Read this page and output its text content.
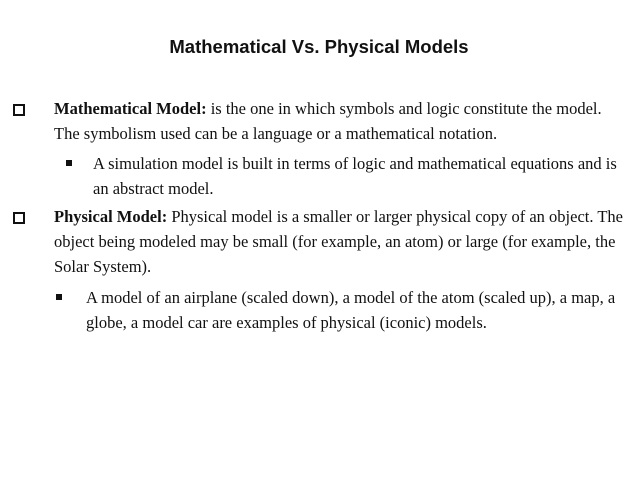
Mathematical Vs. Physical Models

Mathematical Model: is the one in which symbols and logic constitute the model. The symbolism used can be a language or a mathematical notation.

A simulation model is built in terms of logic and mathematical equations and is an abstract model.

Physical Model: Physical model is a smaller or larger physical copy of an object. The object being modeled may be small (for example, an atom) or large (for example, the Solar System).

A model of an airplane (scaled down), a model of the atom (scaled up), a map, a globe, a model car are examples of physical (iconic) models.
